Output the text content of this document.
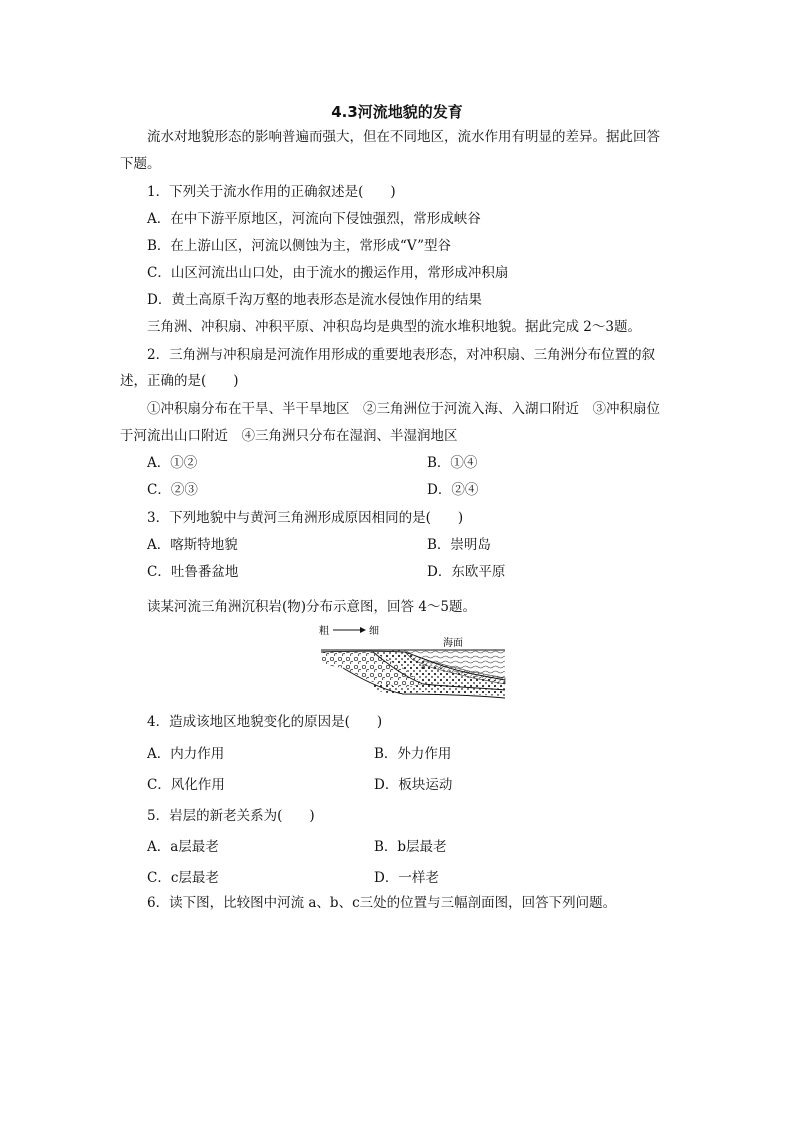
4.3河流地貌的发育
流水对地貌形态的影响普遍而强大，但在不同地区，流水作用有明显的差异。据此回答
下题。
1．下列关于流水作用的正确叙述是(　　)
A．在中下游平原地区，河流向下侵蚀强烈，常形成峡谷
B．在上游山区，河流以侧蚀为主，常形成“V”型谷
C．山区河流出山口处，由于流水的搬运作用，常形成冲积扇
D．黄土高原千沟万壑的地表形态是流水侵蚀作用的结果
三角洲、冲积扇、冲积平原、冲积岛均是典型的流水堆积地貌。据此完成 2～3题。
2．三角洲与冲积扇是河流作用形成的重要地表形态，对冲积扇、三角洲分布位置的叙
述，正确的是(　　)
①冲积扇分布在干旱、半干旱地区　②三角洲位于河流入海、入湖口附近　③冲积扇位
于河流出山口附近　④三角洲只分布在湿润、半湿润地区
A．①②	B．①④
C．②③	D．②④
3．下列地貌中与黄河三角洲形成原因相同的是(　　)
A．喀斯特地貌	B．崇明岛
C．吐鲁番盆地	D．东欧平原
读某河流三角洲沉积岩(物)分布示意图，回答 4～5题。
粗	细
海面
a
4．造成该地区地貌变化的原因是(　　)
A．内力作用	B．外力作用
C．风化作用	D．板块运动
5．岩层的新老关系为(　　)
A．a层最老	B．b层最老
C．c层最老	D．一样老
6．读下图，比较图中河流 a、b、c三处的位置与三幅剖面图，回答下列问题。
